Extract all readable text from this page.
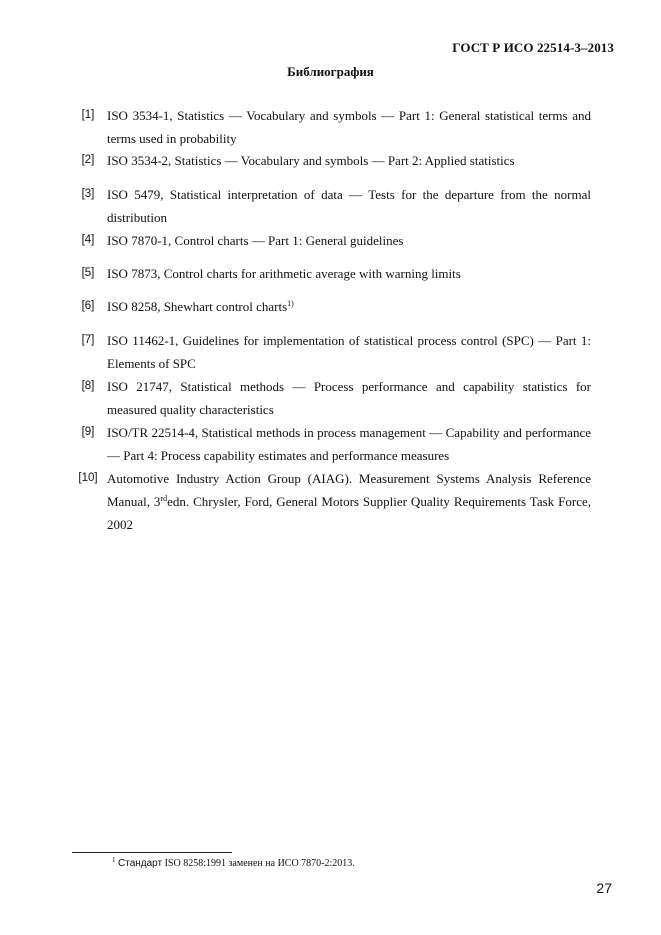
ГОСТ Р ИСО 22514-3–2013
Библиография
[1] ISO 3534-1, Statistics — Vocabulary and symbols — Part 1: General statistical terms and terms used in probability
[2] ISO 3534-2, Statistics — Vocabulary and symbols — Part 2: Applied statistics
[3] ISO 5479, Statistical interpretation of data — Tests for the departure from the normal distribution
[4] ISO 7870-1, Control charts — Part 1: General guidelines
[5] ISO 7873, Control charts for arithmetic average with warning limits
[6] ISO 8258, Shewhart control charts$^{1)}$
[7] ISO 11462-1, Guidelines for implementation of statistical process control (SPC) — Part 1: Elements of SPC
[8] ISO 21747, Statistical methods — Process performance and capability statistics for measured quality characteristics
[9] ISO/TR 22514-4, Statistical methods in process management — Capability and performance — Part 4: Process capability estimates and performance measures
[10] Automotive Industry Action Group (AIAG). Measurement Systems Analysis Reference Manual, 3rdedn. Chrysler, Ford, General Motors Supplier Quality Requirements Task Force, 2002
$^1$ Стандарт ISO 8258:1991 заменен на ИСО 7870-2:2013.
27
